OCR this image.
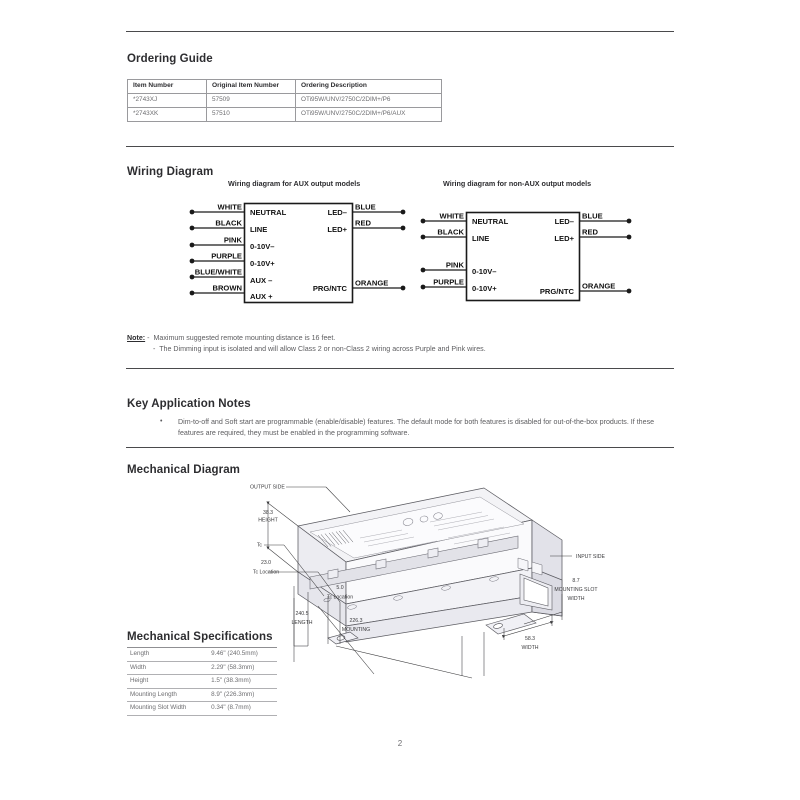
Ordering Guide
Item Number	Original Item Number	Ordering Description
*2743XJ	57509	OTi95W/UNV/2750C/2DIM+/P6
*2743XK	57510	OTi95W/UNV/2750C/2DIM+/P6/AUX
Wiring Diagram
Wiring diagram for AUX output models	Wiring diagram for non-AUX output models
WHITE
BLACK
PINK
PURPLE
BLUE/WHITE
BROWN
NEUTRAL
LINE
0-10V–
0-10V+
AUX –
AUX +
LED–
LED+
PRG/NTC
BLUE
RED
ORANGE
WHITE
BLACK
PINK
PURPLE
NEUTRAL
LINE
0-10V–
0-10V+
LED–
LED+
PRG/NTC
BLUE
RED
ORANGE
Note: - Maximum suggested remote mounting distance is 16 feet.
- The Dimming input is isolated and will allow Class 2 or non-Class 2 wiring across Purple and Pink wires.
Key Application Notes
• Dim-to-off and Soft start are programmable (enable/disable) features. The default mode for both features is disabled for out-of-the-box products. If these features are required, they must be enabled in the programming software.
Mechanical Diagram
OUTPUT SIDE
38.3
HEIGHT
Tc
23.0
Tc Location
5.0
Tc Location
240.5
LENGTH	226.3
MOUNTING
INPUT SIDE
8.7
MOUNTING SLOT
WIDTH
58.3
WIDTH
Mechanical Specifications
Length	9.46" (240.5mm)
Width	2.29" (58.3mm)
Height	1.5" (38.3mm)
Mounting Length	8.9" (226.3mm)
Mounting Slot Width	0.34" (8.7mm)
2
